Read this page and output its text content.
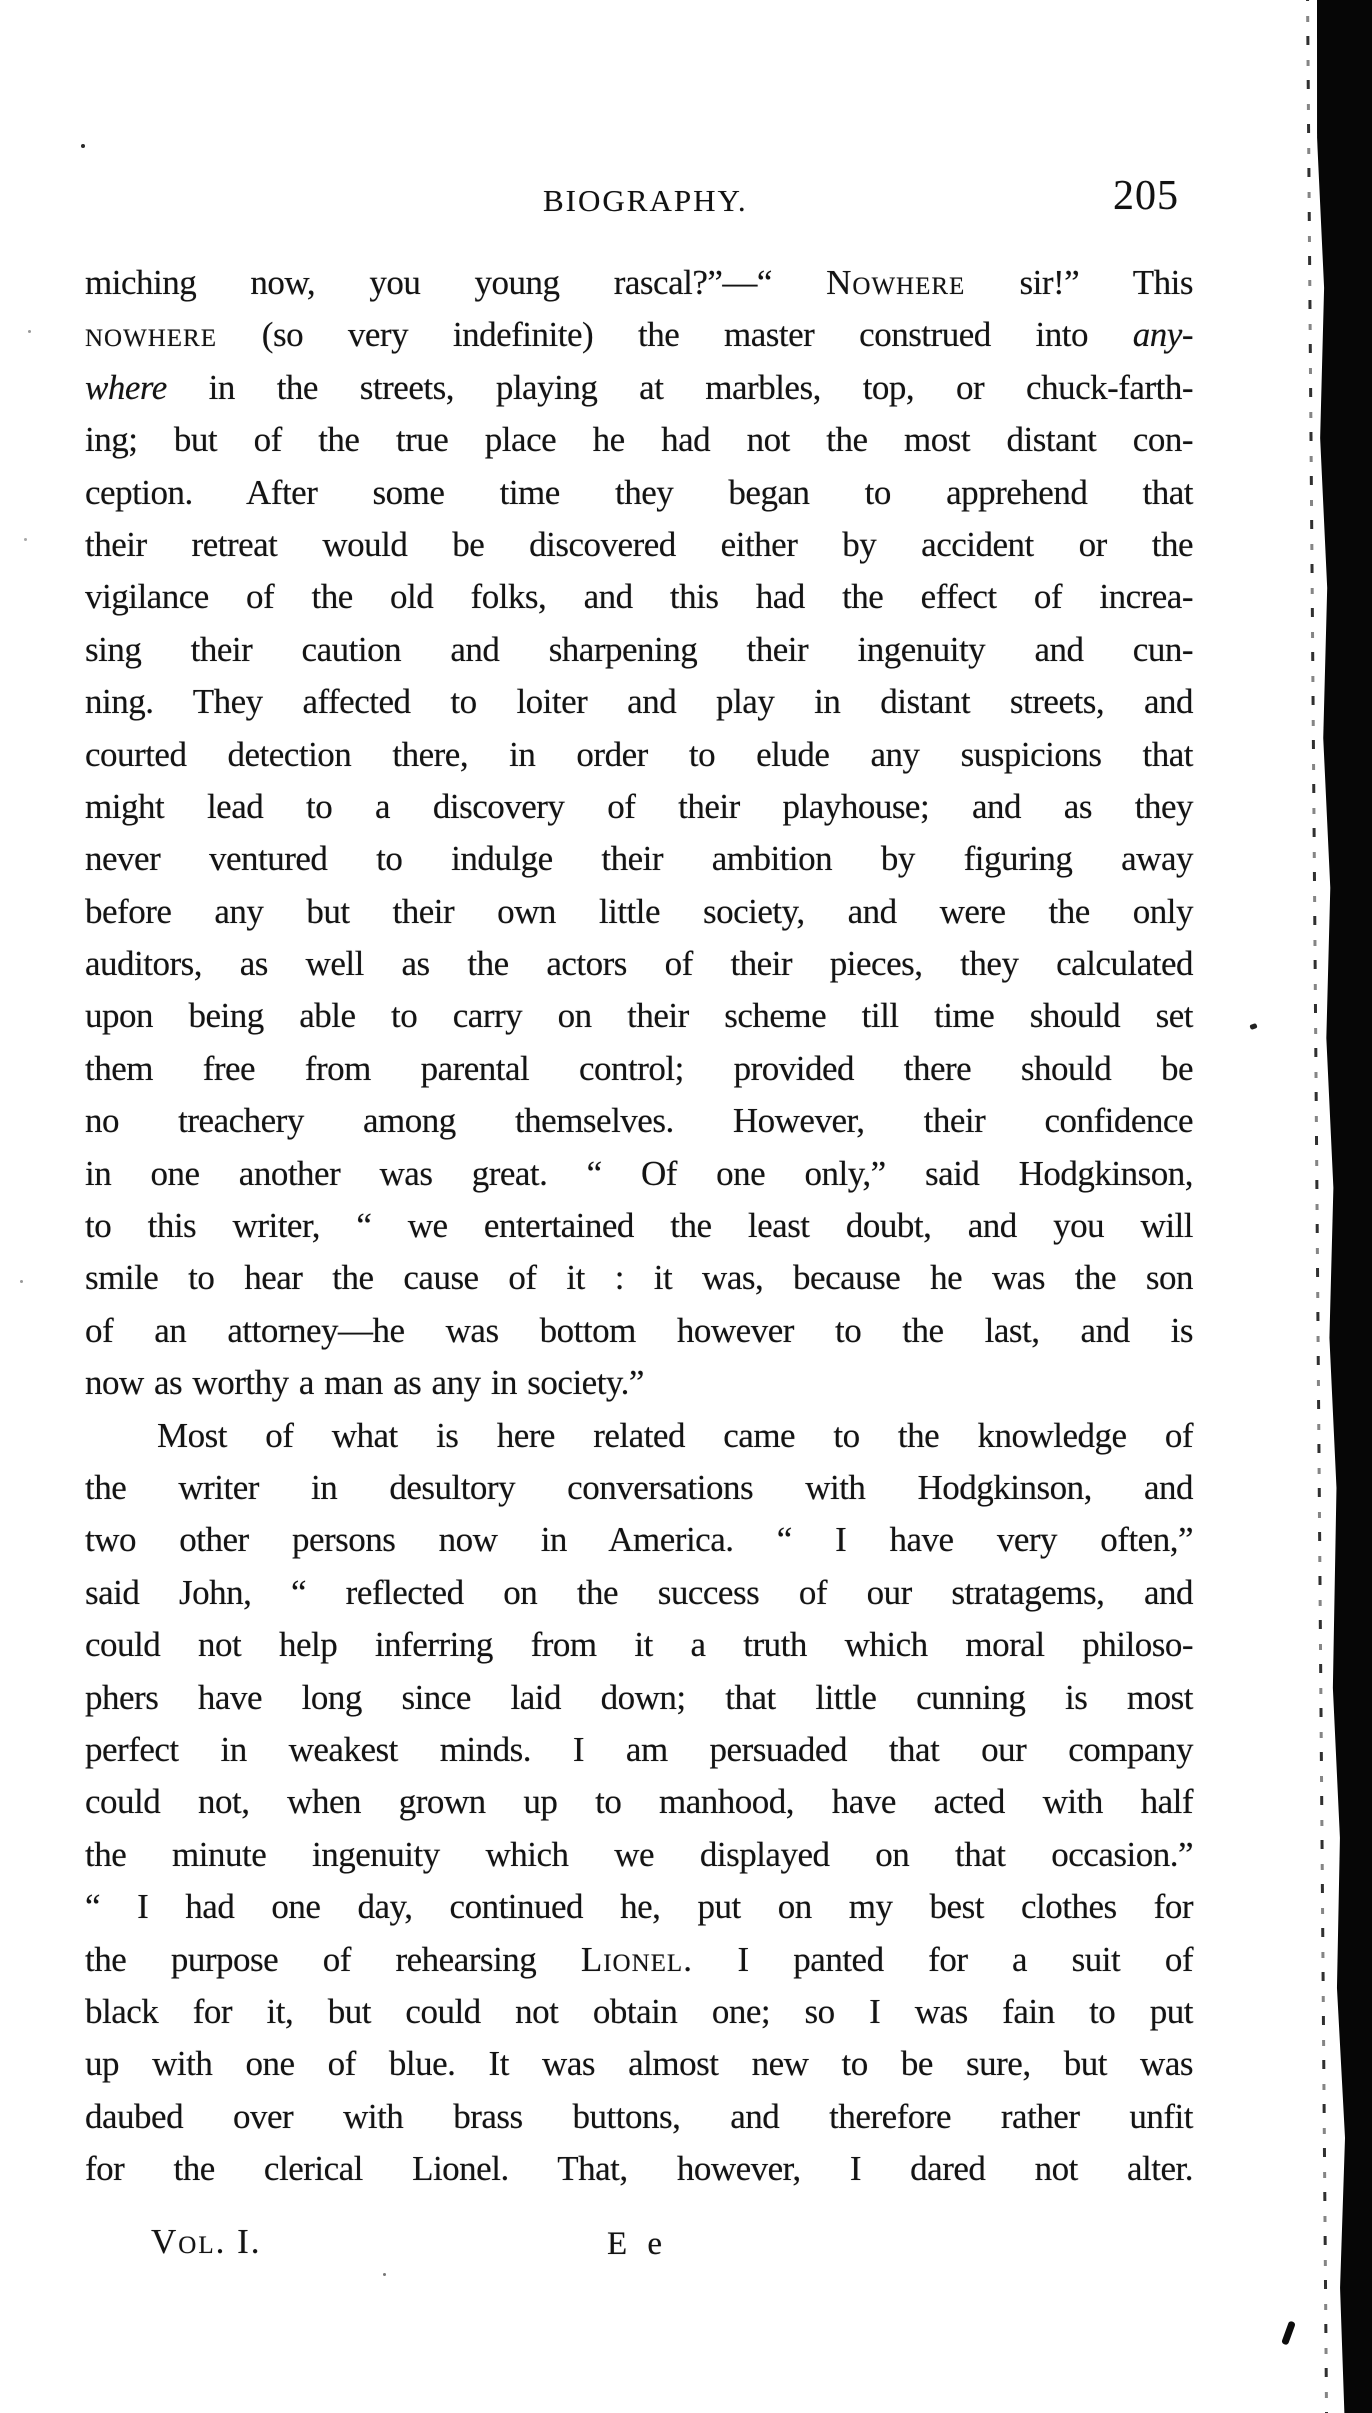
BIOGRAPHY.	205
miching now, you young rascal?”—“ Nowhere sir!” This
nowhere (so very indefinite) the master construed into any-
where in the streets, playing at marbles, top, or chuck-farth-
ing; but of the true place he had not the most distant con-
ception. After some time they began to apprehend that
their retreat would be discovered either by accident or the
vigilance of the old folks, and this had the effect of increa-
sing their caution and sharpening their ingenuity and cun-
ning. They affected to loiter and play in distant streets, and
courted detection there, in order to elude any suspicions that
might lead to a discovery of their playhouse; and as they
never ventured to indulge their ambition by figuring away
before any but their own little society, and were the only
auditors, as well as the actors of their pieces, they calculated
upon being able to carry on their scheme till time should set
them free from parental control; provided there should be
no treachery among themselves. However, their confidence
in one another was great. “ Of one only,” said Hodgkinson,
to this writer, “ we entertained the least doubt, and you will
smile to hear the cause of it : it was, because he was the son
of an attorney—he was bottom however to the last, and is
now as worthy a man as any in society.”
Most of what is here related came to the knowledge of
the writer in desultory conversations with Hodgkinson, and
two other persons now in America. “ I have very often,”
said John, “ reflected on the success of our stratagems, and
could not help inferring from it a truth which moral philoso-
phers have long since laid down; that little cunning is most
perfect in weakest minds. I am persuaded that our company
could not, when grown up to manhood, have acted with half
the minute ingenuity which we displayed on that occasion.”
“ I had one day, continued he, put on my best clothes for
the purpose of rehearsing Lionel. I panted for a suit of
black for it, but could not obtain one; so I was fain to put
up with one of blue. It was almost new to be sure, but was
daubed over with brass buttons, and therefore rather unfit
for the clerical Lionel. That, however, I dared not alter.
Vol. I.	E e
